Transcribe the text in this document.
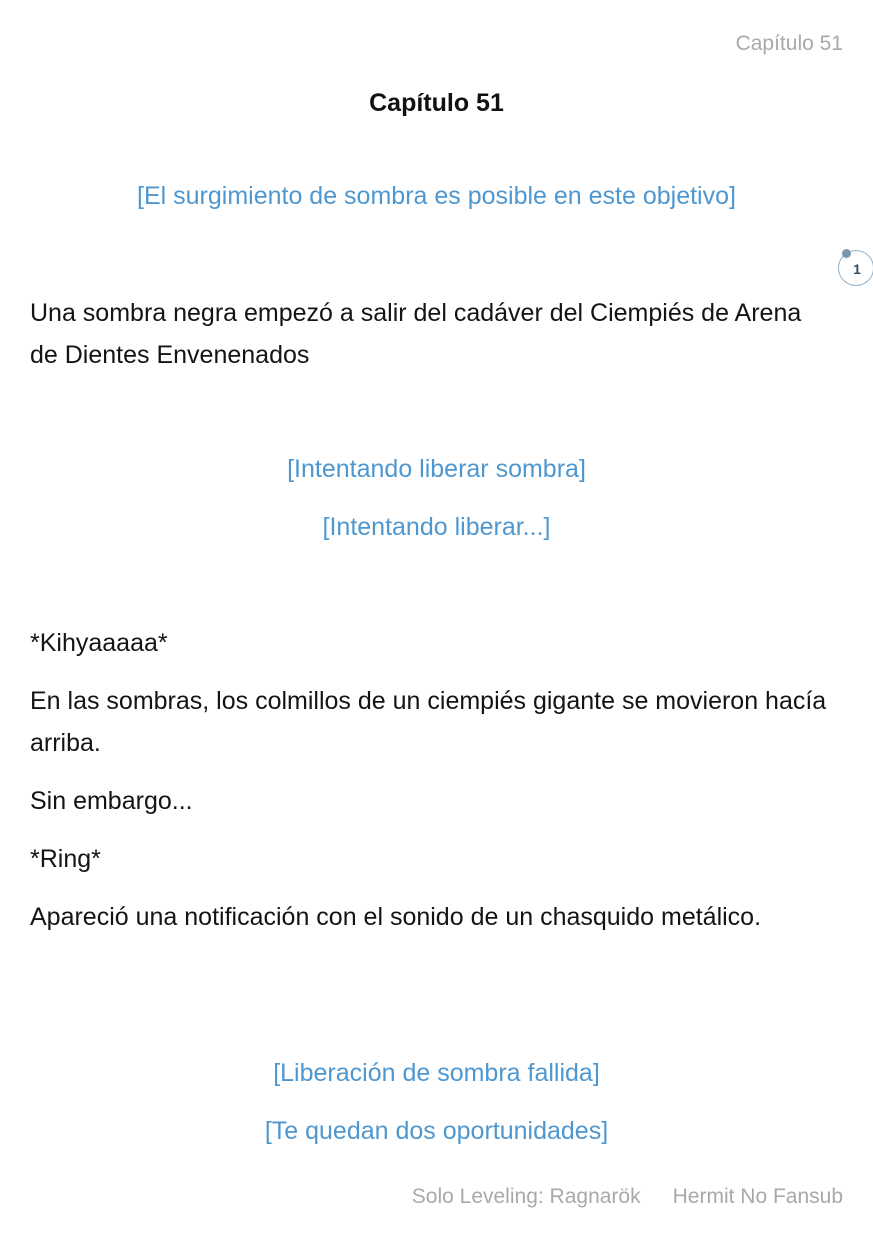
Capítulo 51
Capítulo 51
[El surgimiento de sombra es posible en este objetivo]
1
Una sombra negra empezó a salir del cadáver del Ciempiés de Arena de Dientes Envenenados
[Intentando liberar sombra]
[Intentando liberar...]
*Kihyaaaaa*
En las sombras, los colmillos de un ciempiés gigante se movieron hacía arriba.
Sin embargo...
*Ring*
Apareció una notificación con el sonido de un chasquido metálico.
[Liberación de sombra fallida]
[Te quedan dos oportunidades]
Solo Leveling: Ragnarök Hermit No Fansub
